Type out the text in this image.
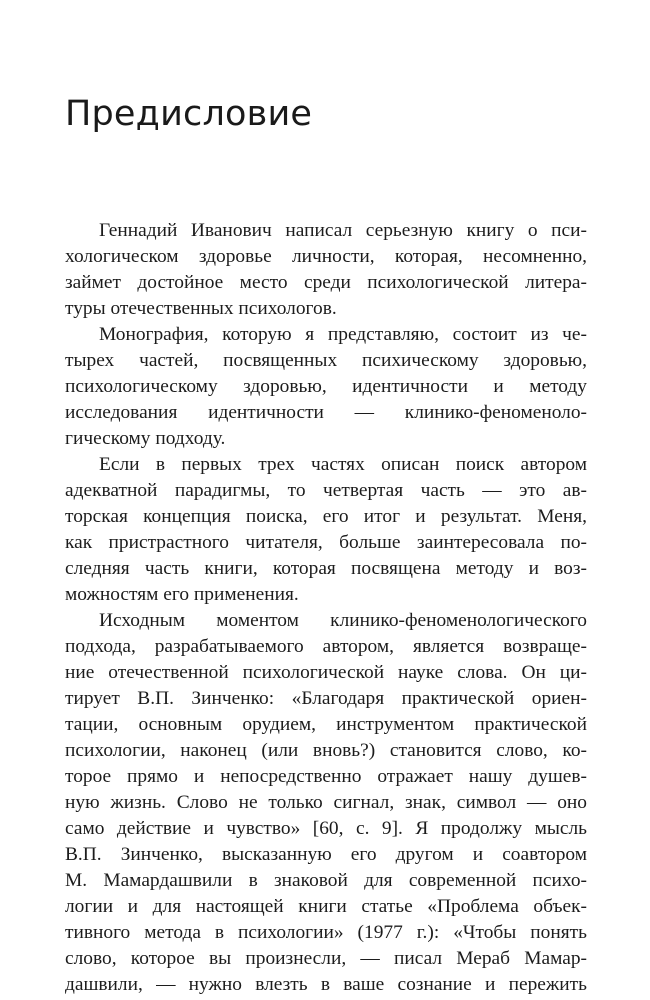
Предисловие
Геннадий Иванович написал серьезную книгу о пси-
хологическом здоровье личности, которая, несомненно,
займет достойное место среди психологической литера-
туры отечественных психологов.
Монография, которую я представляю, состоит из че-
тырех частей, посвященных психическому здоровью,
психологическому здоровью, идентичности и методу
исследования идентичности — клинико-феноменоло-
гическому подходу.
Если в первых трех частях описан поиск автором
адекватной парадигмы, то четвертая часть — это ав-
торская концепция поиска, его итог и результат. Меня,
как пристрастного читателя, больше заинтересовала по-
следняя часть книги, которая посвящена методу и воз-
можностям его применения.
Исходным моментом клинико-феноменологического
подхода, разрабатываемого автором, является возвраще-
ние отечественной психологической науке слова. Он ци-
тирует В.П. Зинченко: «Благодаря практической ориен-
тации, основным орудием, инструментом практической
психологии, наконец (или вновь?) становится слово, ко-
торое прямо и непосредственно отражает нашу душев-
ную жизнь. Слово не только сигнал, знак, символ — оно
само действие и чувство» [60, с. 9]. Я продолжу мысль
В.П. Зинченко, высказанную его другом и соавтором
М. Мамардашвили в знаковой для современной психо-
логии и для настоящей книги статье «Проблема объек-
тивного метода в психологии» (1977 г.): «Чтобы понять
слово, которое вы произнесли, — писал Мераб Мамар-
дашвили, — нужно влезть в ваше сознание и пережить
